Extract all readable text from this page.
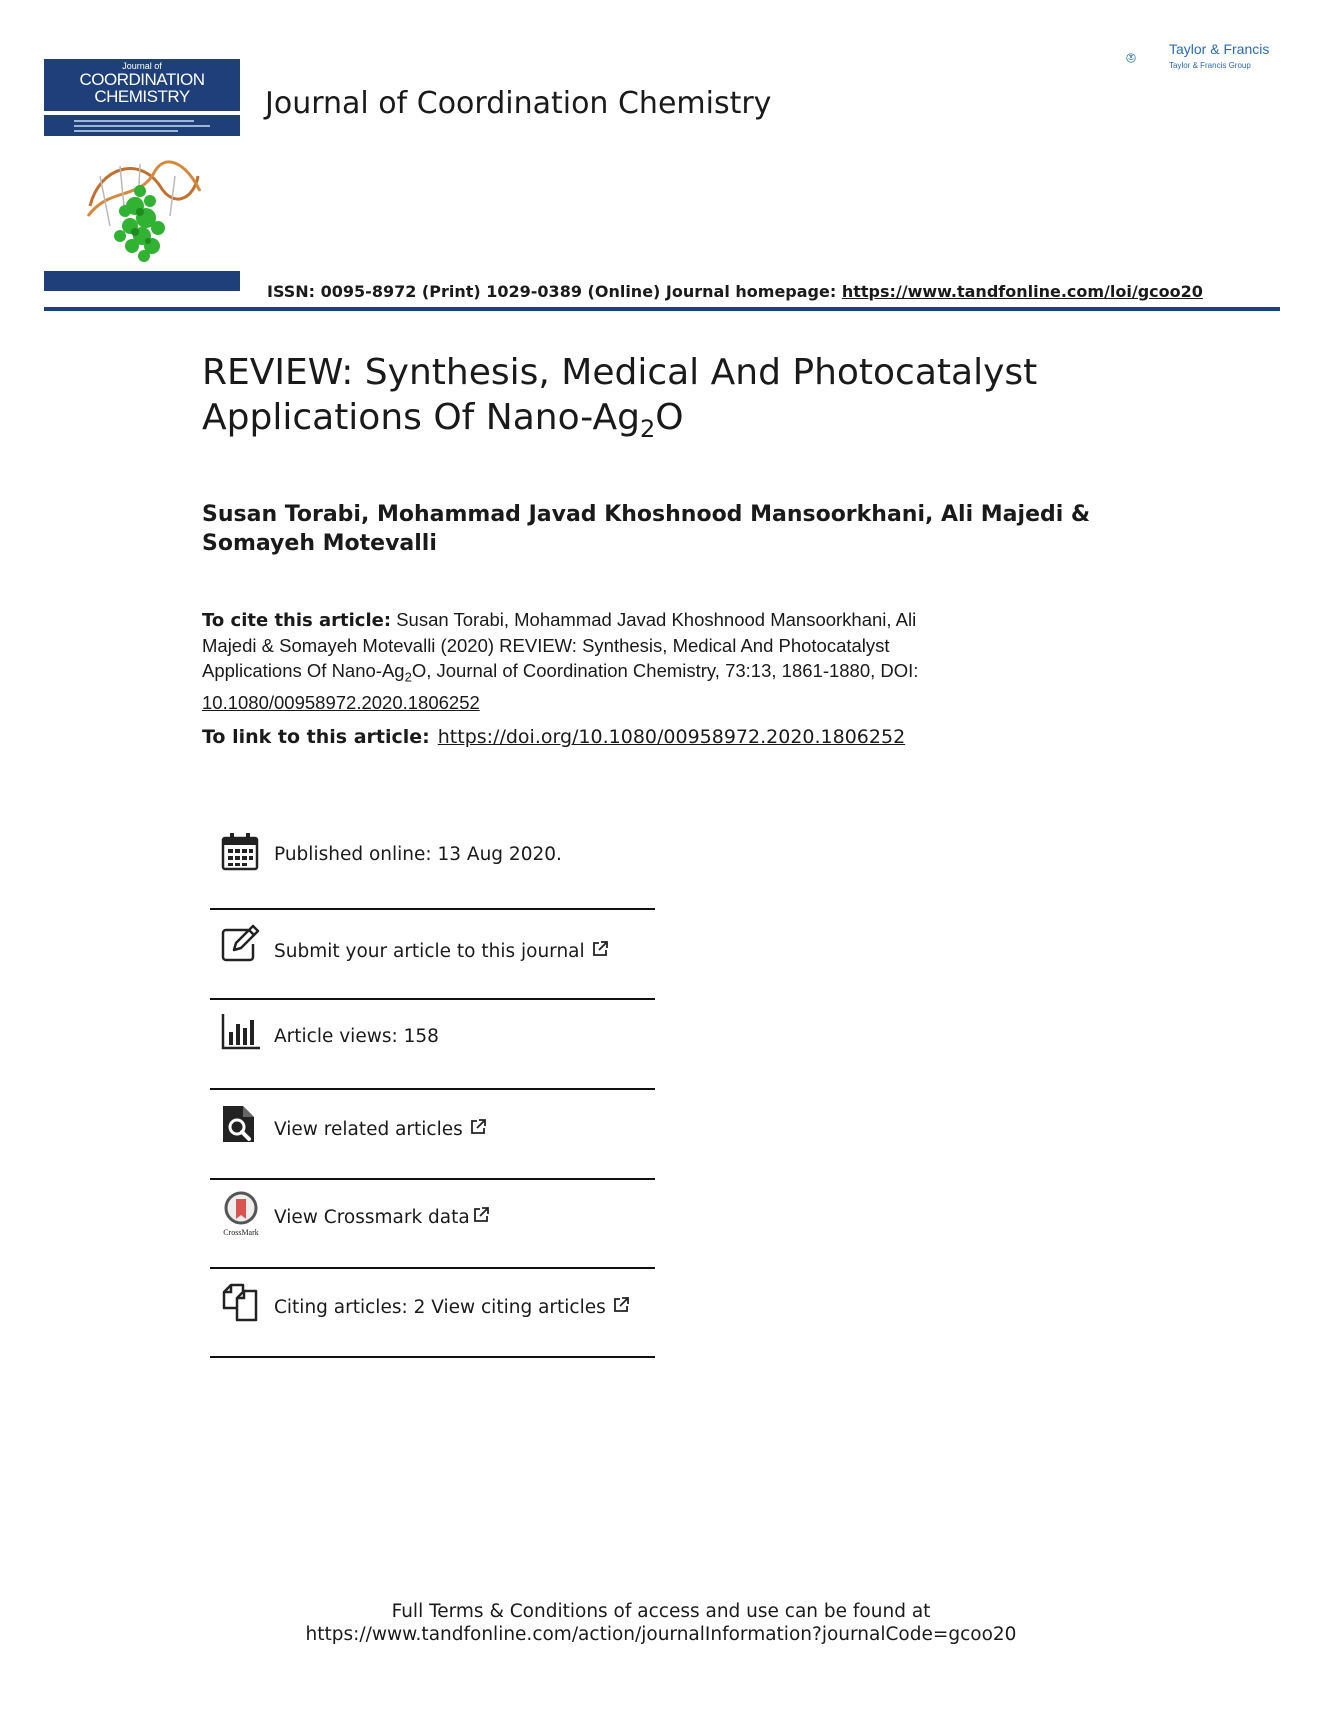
Journal of
COORDINATION
CHEMISTRY	Journal of Coordination Chemistry
Taylor & Francis
Taylor & Francis Group
ISSN: 0095-8972 (Print) 1029-0389 (Online) Journal homepage: https://www.tandfonline.com/loi/gcoo20
REVIEW: Synthesis, Medical And Photocatalyst
Applications Of Nano-$Ag_2O$
Susan Torabi, Mohammad Javad Khoshnood Mansoorkhani, Ali Majedi &
Somayeh Motevalli
To cite this article: Susan Torabi, Mohammad Javad Khoshnood Mansoorkhani, Ali
Majedi & Somayeh Motevalli (2020) REVIEW: Synthesis, Medical And Photocatalyst
Applications Of Nano-$Ag_2O$, Journal of Coordination Chemistry, 73:13, 1861-1880, DOI:
10.1080/00958972.2020.1806252
To link to this article: https://doi.org/10.1080/00958972.2020.1806252
Published online: 13 Aug 2020.
Submit your article to this journal
Article views: 158
View related articles
CrossMark
View Crossmark data
Citing articles: 2 View citing articles
Full Terms & Conditions of access and use can be found at
https://www.tandfonline.com/action/journalInformation?journalCode=gcoo20
